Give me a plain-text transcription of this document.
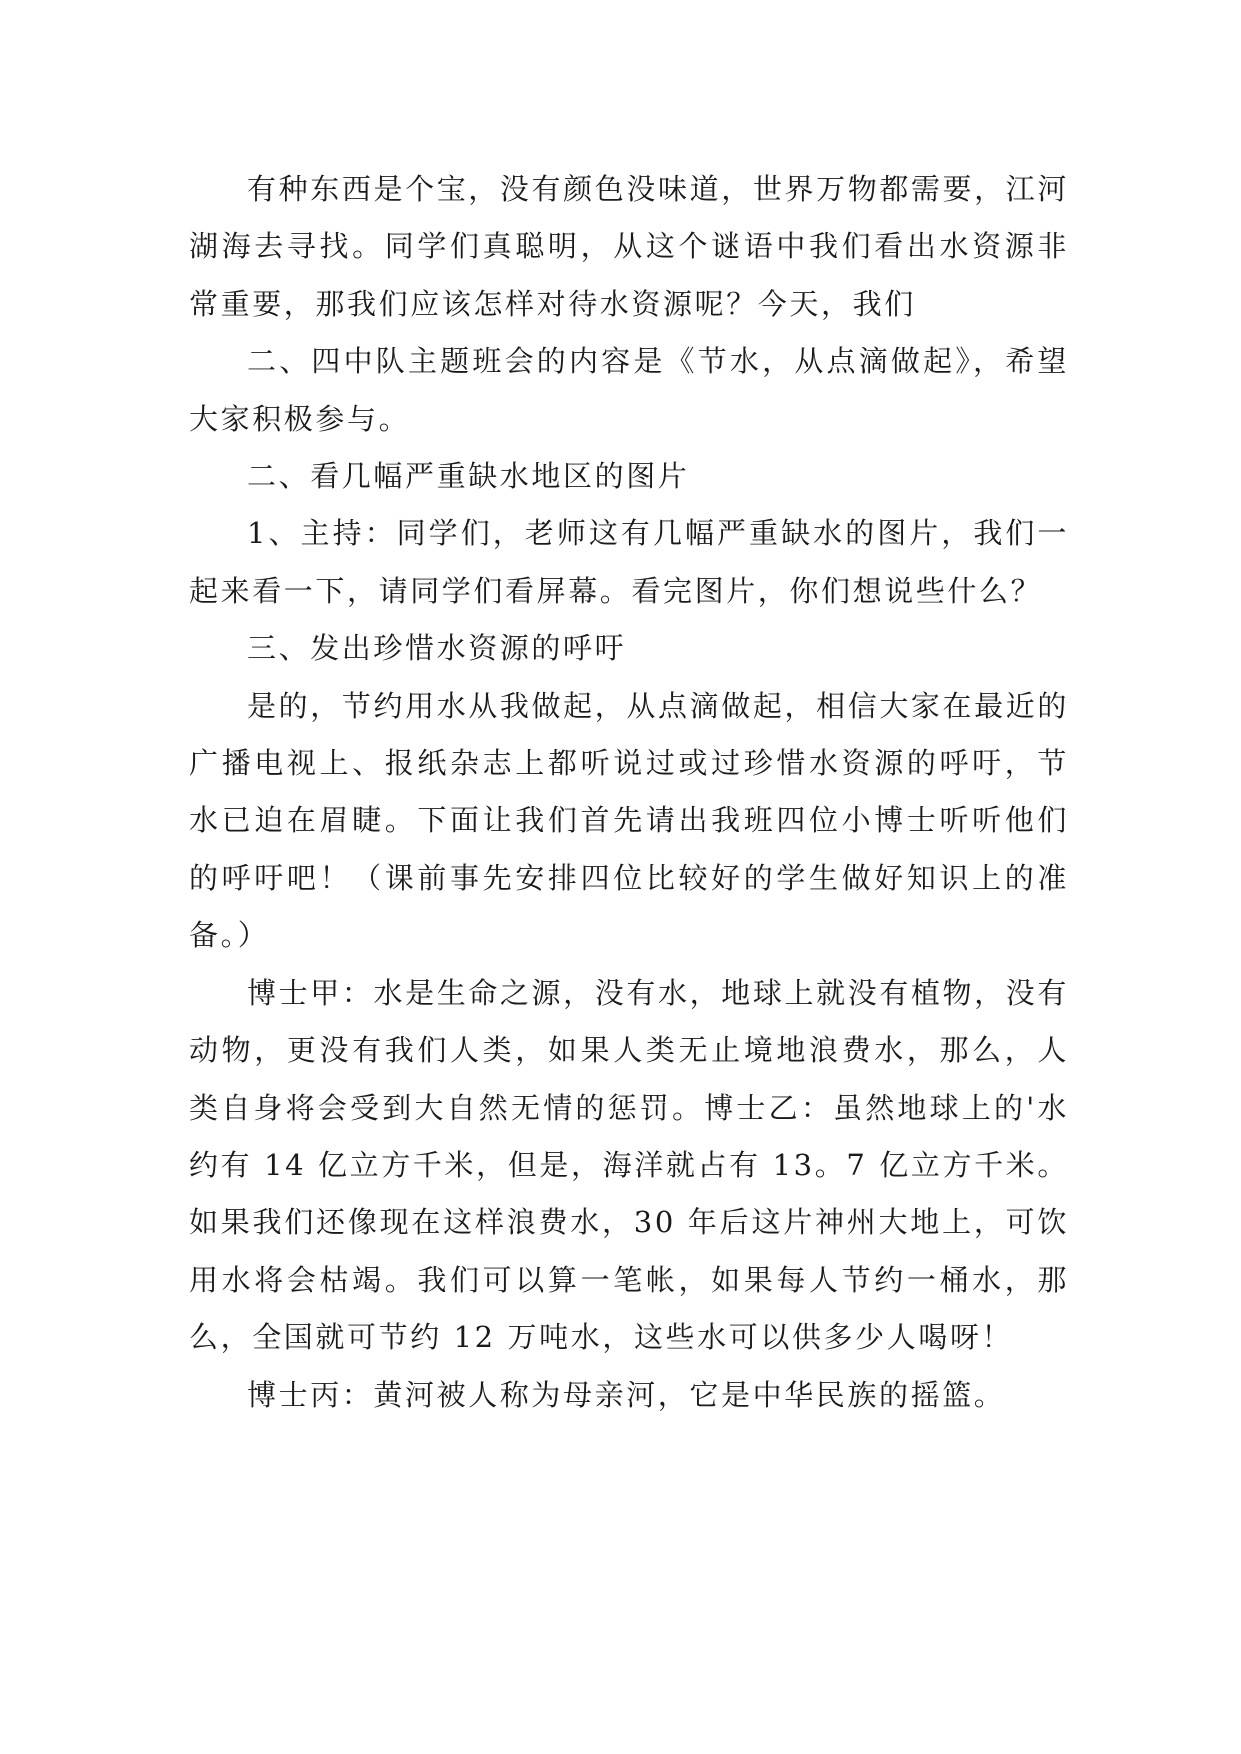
有种东西是个宝，没有颜色没味道，世界万物都需要，江河湖海去寻找。同学们真聪明，从这个谜语中我们看出水资源非常重要，那我们应该怎样对待水资源呢？今天，我们

二、四中队主题班会的内容是《节水，从点滴做起》，希望大家积极参与。

二、看几幅严重缺水地区的图片

1、主持：同学们，老师这有几幅严重缺水的图片，我们一起来看一下，请同学们看屏幕。看完图片，你们想说些什么？

三、发出珍惜水资源的呼吁

是的，节约用水从我做起，从点滴做起，相信大家在最近的广播电视上、报纸杂志上都听说过或过珍惜水资源的呼吁，节水已迫在眉睫。下面让我们首先请出我班四位小博士听听他们的呼吁吧！（课前事先安排四位比较好的学生做好知识上的准备。）

博士甲：水是生命之源，没有水，地球上就没有植物，没有动物，更没有我们人类，如果人类无止境地浪费水，那么，人类自身将会受到大自然无情的惩罚。博士乙：虽然地球上的'水约有 14 亿立方千米，但是，海洋就占有 13。7 亿立方千米。如果我们还像现在这样浪费水，30 年后这片神州大地上，可饮用水将会枯竭。我们可以算一笔帐，如果每人节约一桶水，那么，全国就可节约 12 万吨水，这些水可以供多少人喝呀！

博士丙：黄河被人称为母亲河，它是中华民族的摇篮。
